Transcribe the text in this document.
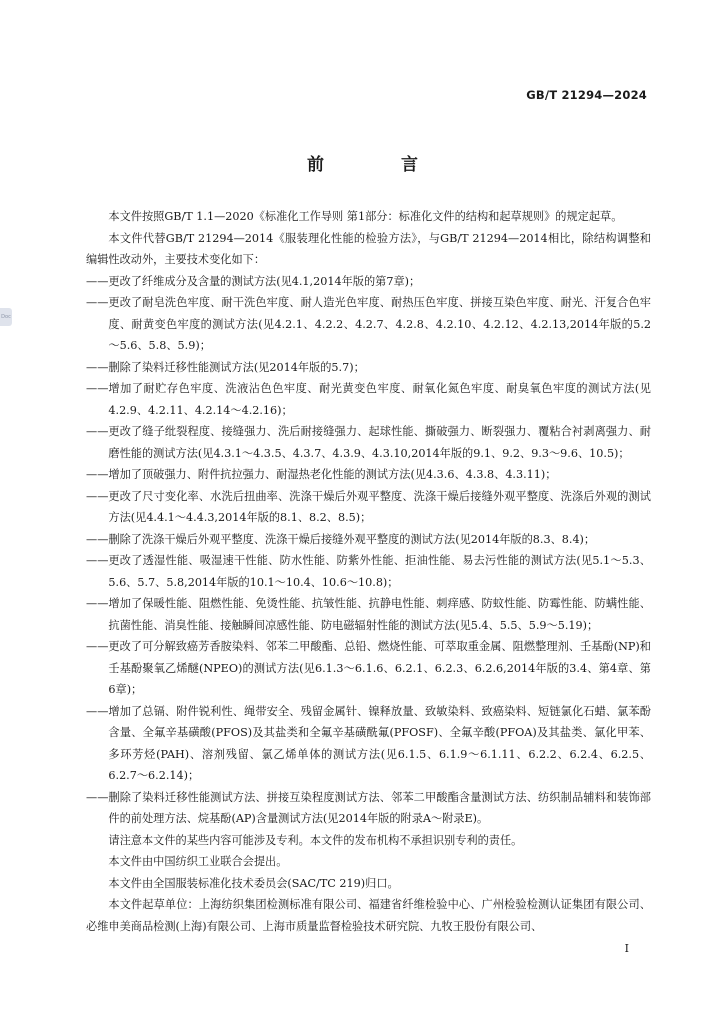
GB/T 21294—2024
Doc
前　言

本文件按照GB/T 1.1—2020《标准化工作导则 第1部分：标准化文件的结构和起草规则》的规定起草。

本文件代替GB/T 21294—2014《服装理化性能的检验方法》，与GB/T 21294—2014相比，除结构调整和编辑性改动外，主要技术变化如下：

—— 更改了纤维成分及含量的测试方法(见4.1,2014年版的第7章)；
—— 更改了耐皂洗色牢度、耐干洗色牢度、耐人造光色牢度、耐热压色牢度、拼接互染色牢度、耐光、汗复合色牢度、耐黄变色牢度的测试方法(见4.2.1、4.2.2、4.2.7、4.2.8、4.2.10、4.2.12、4.2.13,2014年版的5.2～5.6、5.8、5.9)；
—— 删除了染料迁移性能测试方法(见2014年版的5.7)；
—— 增加了耐贮存色牢度、洗液沾色色牢度、耐光黄变色牢度、耐氧化氮色牢度、耐臭氧色牢度的测试方法(见4.2.9、4.2.11、4.2.14～4.2.16)；
—— 更改了缝子纰裂程度、接缝强力、洗后耐接缝强力、起球性能、撕破强力、断裂强力、覆粘合衬剥离强力、耐磨性能的测试方法(见4.3.1～4.3.5、4.3.7、4.3.9、4.3.10,2014年版的9.1、9.2、9.3～9.6、10.5)；
—— 增加了顶破强力、附件抗拉强力、耐湿热老化性能的测试方法(见4.3.6、4.3.8、4.3.11)；
—— 更改了尺寸变化率、水洗后扭曲率、洗涤干燥后外观平整度、洗涤干燥后接缝外观平整度、洗涤后外观的测试方法(见4.4.1～4.4.3,2014年版的8.1、8.2、8.5)；
—— 删除了洗涤干燥后外观平整度、洗涤干燥后接缝外观平整度的测试方法(见2014年版的8.3、8.4)；
—— 更改了透湿性能、吸湿速干性能、防水性能、防紫外性能、拒油性能、易去污性能的测试方法(见5.1～5.3、5.6、5.7、5.8,2014年版的10.1～10.4、10.6～10.8)；
—— 增加了保暖性能、阻燃性能、免烫性能、抗皱性能、抗静电性能、刺痒感、防蚊性能、防霉性能、防螨性能、抗菌性能、消臭性能、接触瞬间凉感性能、防电磁辐射性能的测试方法(见5.4、5.5、5.9～5.19)；
—— 更改了可分解致癌芳香胺染料、邻苯二甲酸酯、总铅、燃烧性能、可萃取重金属、阻燃整理剂、壬基酚(NP)和壬基酚聚氧乙烯醚(NPEO)的测试方法(见6.1.3～6.1.6、6.2.1、6.2.3、6.2.6,2014年版的3.4、第4章、第6章)；
—— 增加了总镉、附件锐利性、绳带安全、残留金属针、镍释放量、致敏染料、致癌染料、短链氯化石蜡、氯苯酚含量、全氟辛基磺酸(PFOS)及其盐类和全氟辛基磺酰氟(PFOSF)、全氟辛酸(PFOA)及其盐类、氯化甲苯、多环芳烃(PAH)、溶剂残留、氯乙烯单体的测试方法(见6.1.5、6.1.9～6.1.11、6.2.2、6.2.4、6.2.5、6.2.7～6.2.14)；
—— 删除了染料迁移性能测试方法、拼接互染程度测试方法、邻苯二甲酸酯含量测试方法、纺织制品辅料和装饰部件的前处理方法、烷基酚(AP)含量测试方法(见2014年版的附录A～附录E)。

请注意本文件的某些内容可能涉及专利。本文件的发布机构不承担识别专利的责任。

本文件由中国纺织工业联合会提出。

本文件由全国服装标准化技术委员会(SAC/TC 219)归口。

本文件起草单位：上海纺织集团检测标准有限公司、福建省纤维检验中心、广州检验检测认证集团有限公司、必维申美商品检测(上海)有限公司、上海市质量监督检验技术研究院、九牧王股份有限公司、

I
